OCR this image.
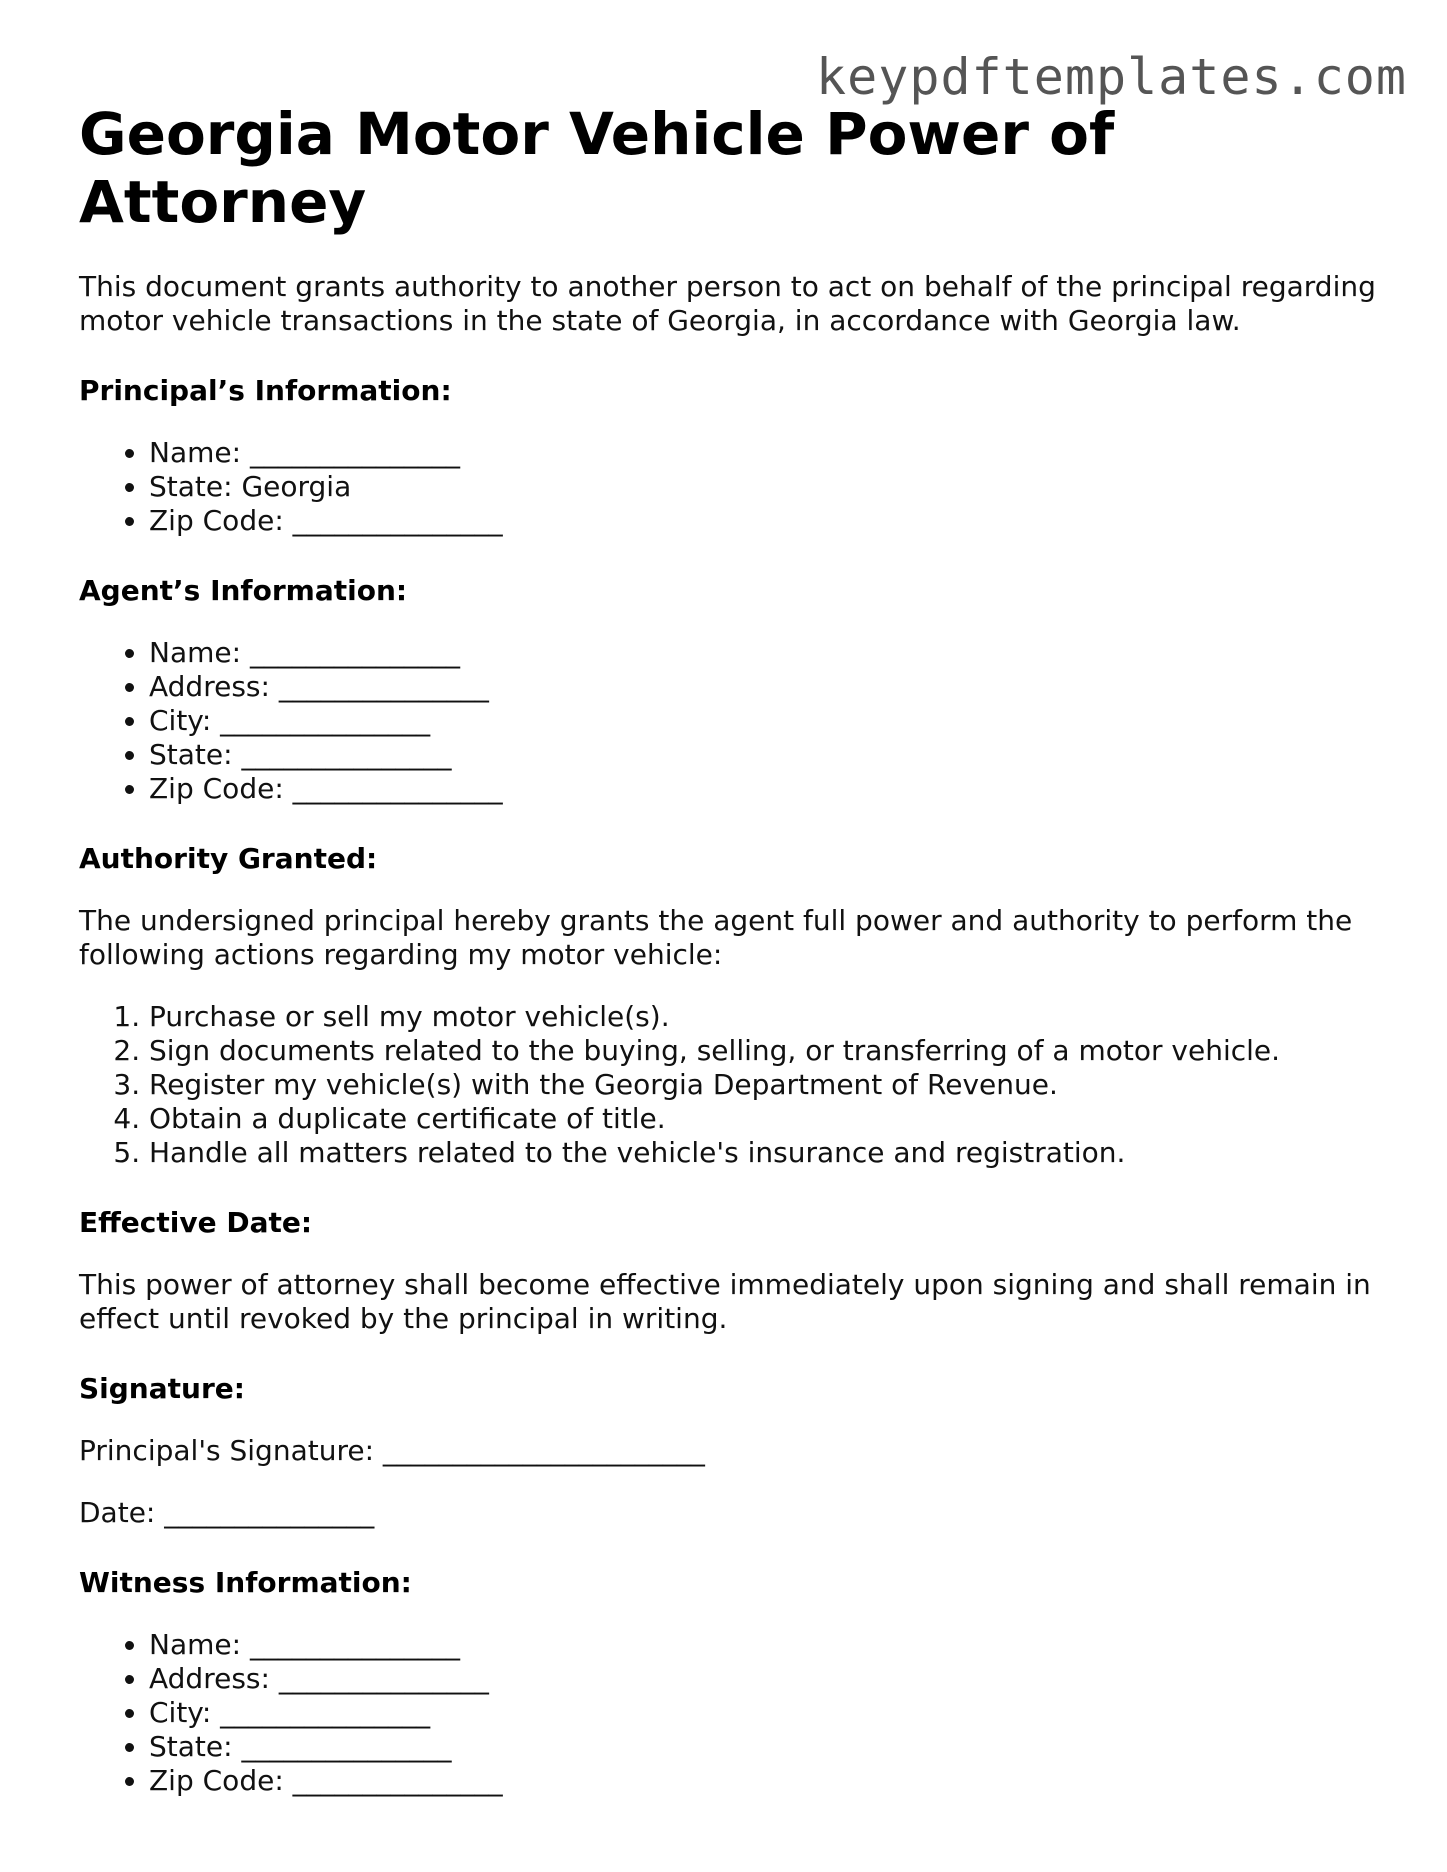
keypdftemplates.com
Georgia Motor Vehicle Power of Attorney

This document grants authority to another person to act on behalf of the principal regarding motor vehicle transactions in the state of Georgia, in accordance with Georgia law.

Principal’s Information:
• Name: _______________
• State: Georgia
• Zip Code: _______________
Agent’s Information:
• Name: _______________
• Address: _______________
• City: _______________
• State: _______________
• Zip Code: _______________
Authority Granted:

The undersigned principal hereby grants the agent full power and authority to perform the following actions regarding my motor vehicle:

1. Purchase or sell my motor vehicle(s).
2. Sign documents related to the buying, selling, or transferring of a motor vehicle.
3. Register my vehicle(s) with the Georgia Department of Revenue.
4. Obtain a duplicate certificate of title.
5. Handle all matters related to the vehicle's insurance and registration.
Effective Date:

This power of attorney shall become effective immediately upon signing and shall remain in effect until revoked by the principal in writing.

Signature:

Principal's Signature: _______________________

Date: _______________

Witness Information:
• Name: _______________
• Address: _______________
• City: _______________
• State: _______________
• Zip Code: _______________
